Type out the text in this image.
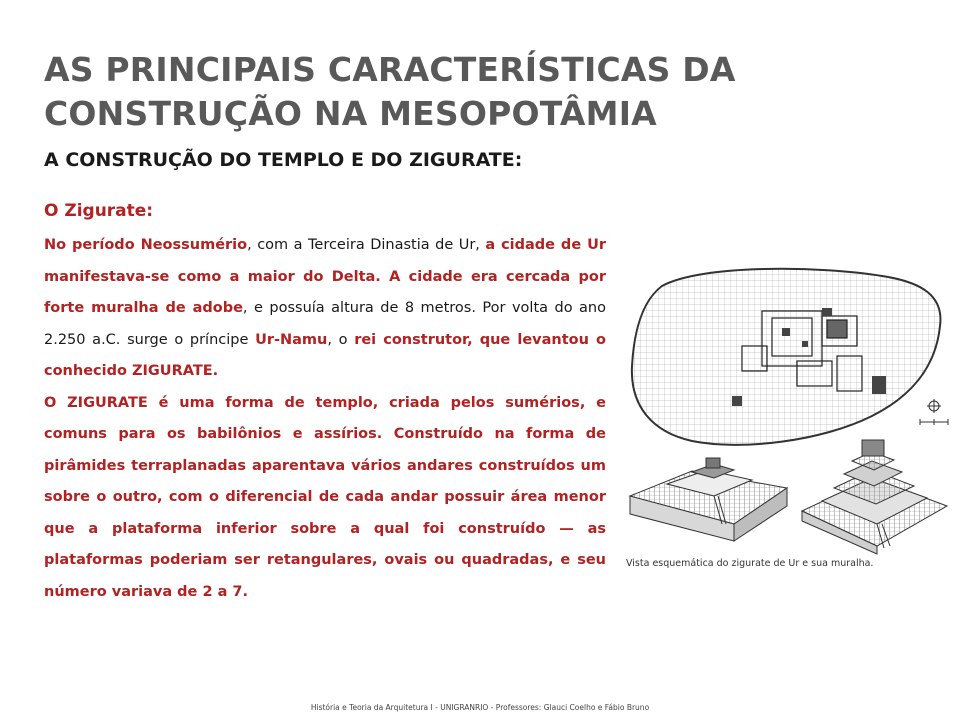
AS PRINCIPAIS CARACTERÍSTICAS DA CONSTRUÇÃO NA MESOPOTÂMIA
A CONSTRUÇÃO DO TEMPLO E DO ZIGURATE:
O Zigurate:

No período Neossumério, com a Terceira Dinastia de Ur, a cidade de Ur manifestava-se como a maior do Delta. A cidade era cercada por forte muralha de adobe, e possuía altura de 8 metros. Por volta do ano 2.250 a.C. surge o príncipe Ur-Namu, o rei construtor, que levantou o conhecido ZIGURATE.

O ZIGURATE é uma forma de templo, criada pelos sumérios, e comuns para os babilônios e assírios. Construído na forma de pirâmides terraplanadas aparentava vários andares construídos um sobre o outro, com o diferencial de cada andar possuir área menor que a plataforma inferior sobre a qual foi construído — as plataformas poderiam ser retangulares, ovais ou quadradas, e seu número variava de 2 a 7.

Vista esquemática do zigurate de Ur e sua muralha.
História e Teoria da Arquitetura I - UNIGRANRIO - Professores: Glauci Coelho e Fábio Bruno
